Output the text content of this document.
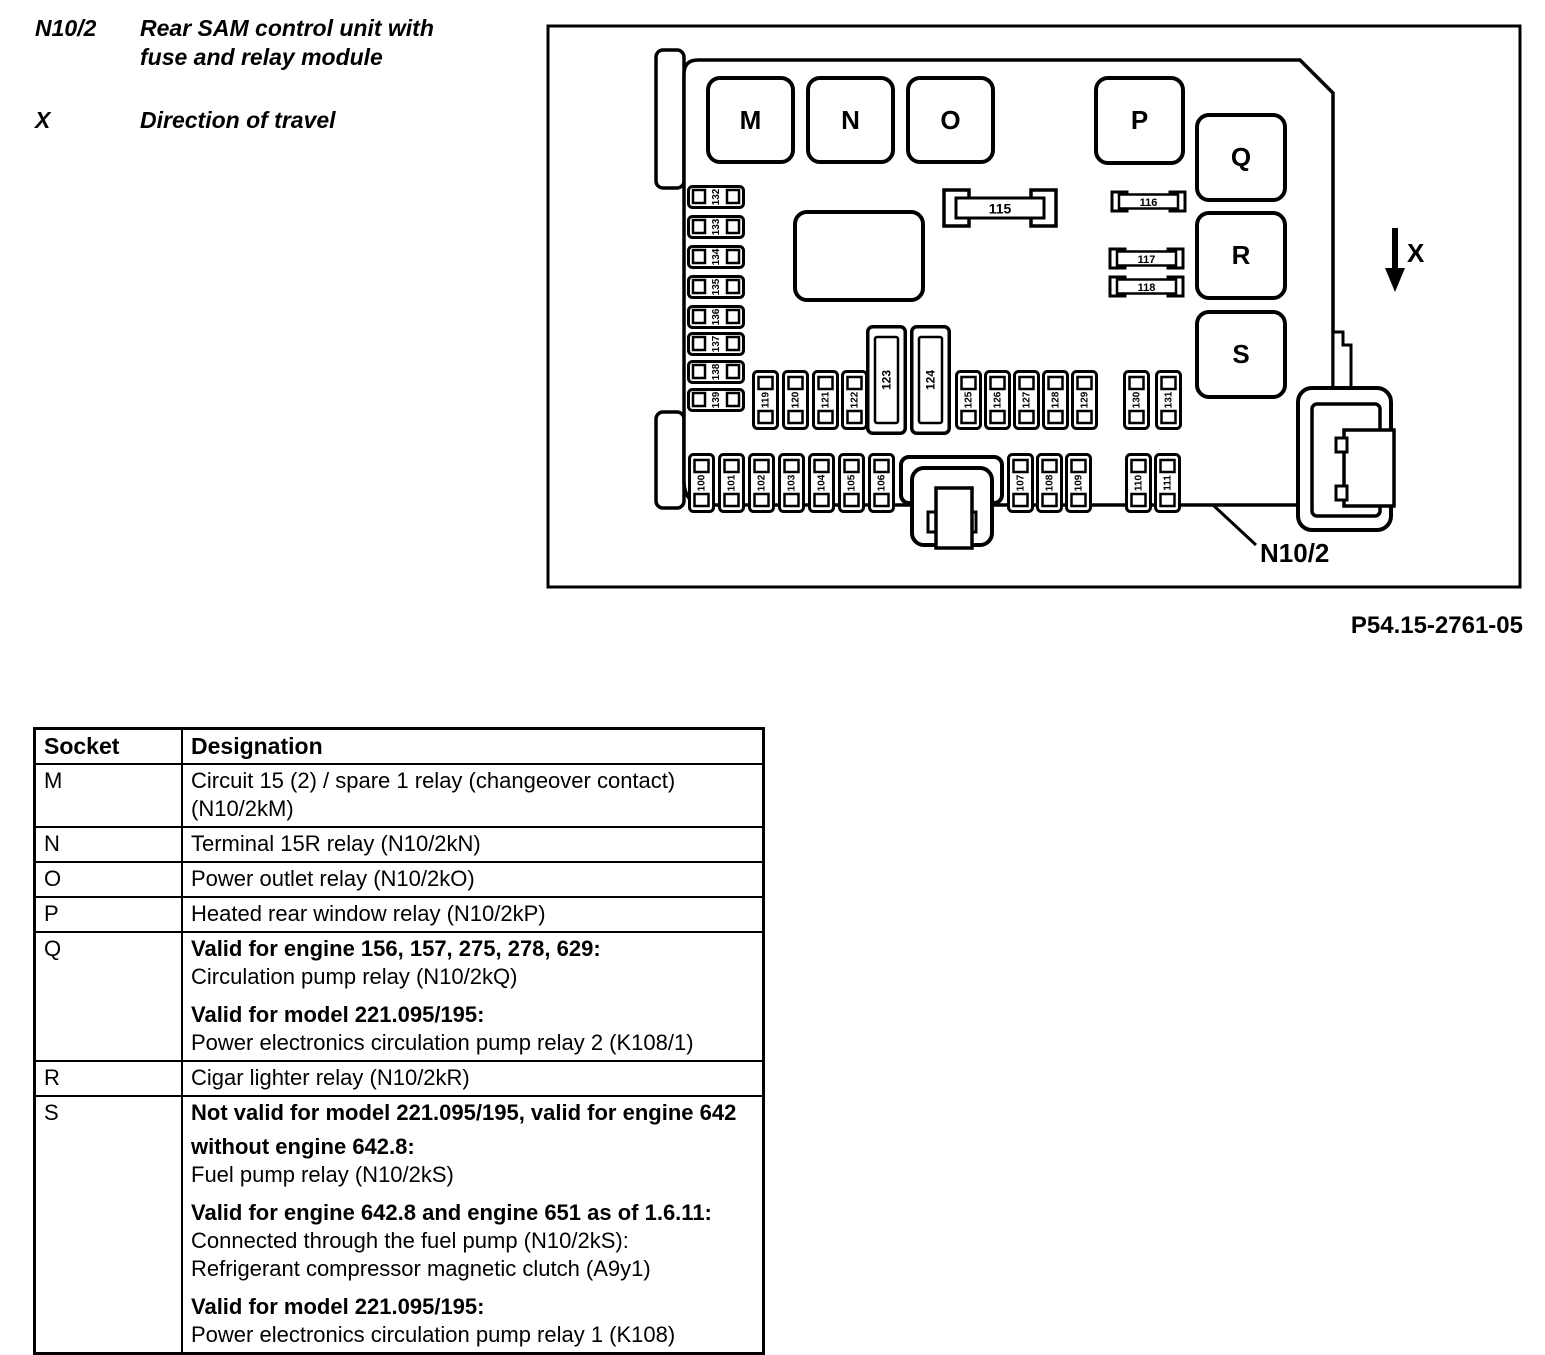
N10/2	Rear SAM control unit with fuse and relay module
X	Direction of travel	M	N	O	P
Q
R
S
115	116
117
118
123	124
132
133
134
135
136
137
138
139	119 120 121 122	125 126 127 128 129	130 131
100 101 102 103 104 105 106	107 108 109	110 111
N10/2
X
P54.15-2761-05
Socket	Designation
M	Circuit 15 (2) / spare 1 relay (changeover contact)
(N10/2kM)

N	Terminal 15R relay (N10/2kN)

O	Power outlet relay (N10/2kO)

P	Heated rear window relay (N10/2kP)

Q	Valid for engine 156, 157, 275, 278, 629:
Circulation pump relay (N10/2kQ)
Valid for model 221.095/195:
Power electronics circulation pump relay 2 (K108/1)

R	Cigar lighter relay (N10/2kR)

S	Not valid for model 221.095/195, valid for engine 642
without engine 642.8:
Fuel pump relay (N10/2kS)
Valid for engine 642.8 and engine 651 as of 1.6.11:
Connected through the fuel pump (N10/2kS):
Refrigerant compressor magnetic clutch (A9y1)
Valid for model 221.095/195:
Power electronics circulation pump relay 1 (K108)
